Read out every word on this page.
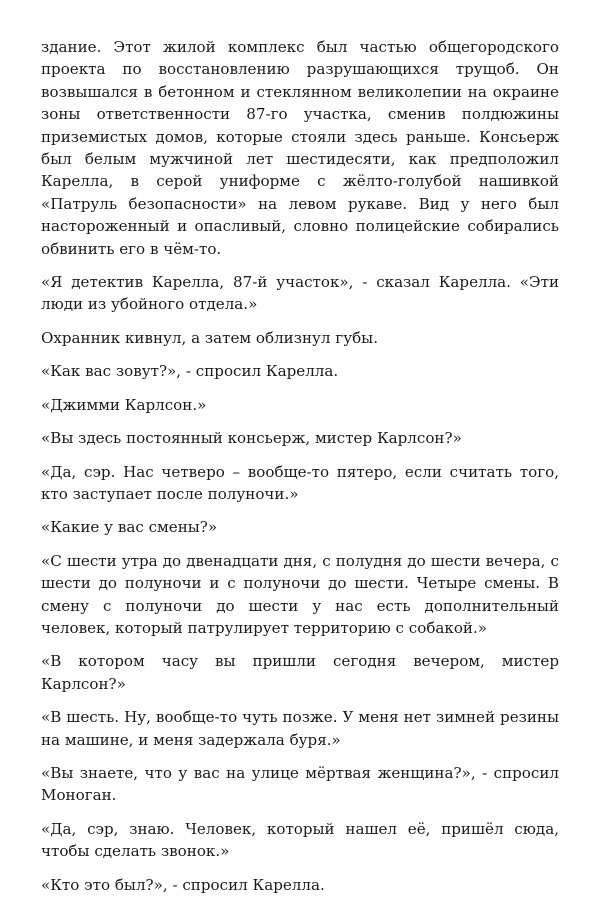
здание. Этот жилой комплекс был частью общегородского проекта по восстановлению разрушающихся трущоб. Он возвышался в бетонном и стеклянном великолепии на окраине зоны ответственности 87-го участка, сменив полдюжины приземистых домов, которые стояли здесь раньше. Консьерж был белым мужчиной лет шестидесяти, как предположил Карелла, в серой униформе с жёлто-голубой нашивкой «Патруль безопасности» на левом рукаве. Вид у него был настороженный и опасливый, словно полицейские собирались обвинить его в чём-то.

«Я детектив Карелла, 87-й участок», - сказал Карелла. «Эти люди из убойного отдела.»

Охранник кивнул, а затем облизнул губы.

«Как вас зовут?», - спросил Карелла.

«Джимми Карлсон.»

«Вы здесь постоянный консьерж, мистер Карлсон?»

«Да, сэр. Нас четверо – вообще-то пятеро, если считать того, кто заступает после полуночи.»

«Какие у вас смены?»

«С шести утра до двенадцати дня, с полудня до шести вечера, с шести до полуночи и с полуночи до шести. Четыре смены. В смену с полуночи до шести у нас есть дополнительный человек, который патрулирует территорию с собакой.»

«В котором часу вы пришли сегодня вечером, мистер Карлсон?»

«В шесть. Ну, вообще-то чуть позже. У меня нет зимней резины на машине, и меня задержала буря.»

«Вы знаете, что у вас на улице мёртвая женщина?», - спросил Моноган.

«Да, сэр, знаю. Человек, который нашел её, пришёл сюда, чтобы сделать звонок.»

«Кто это был?», - спросил Карелла.
